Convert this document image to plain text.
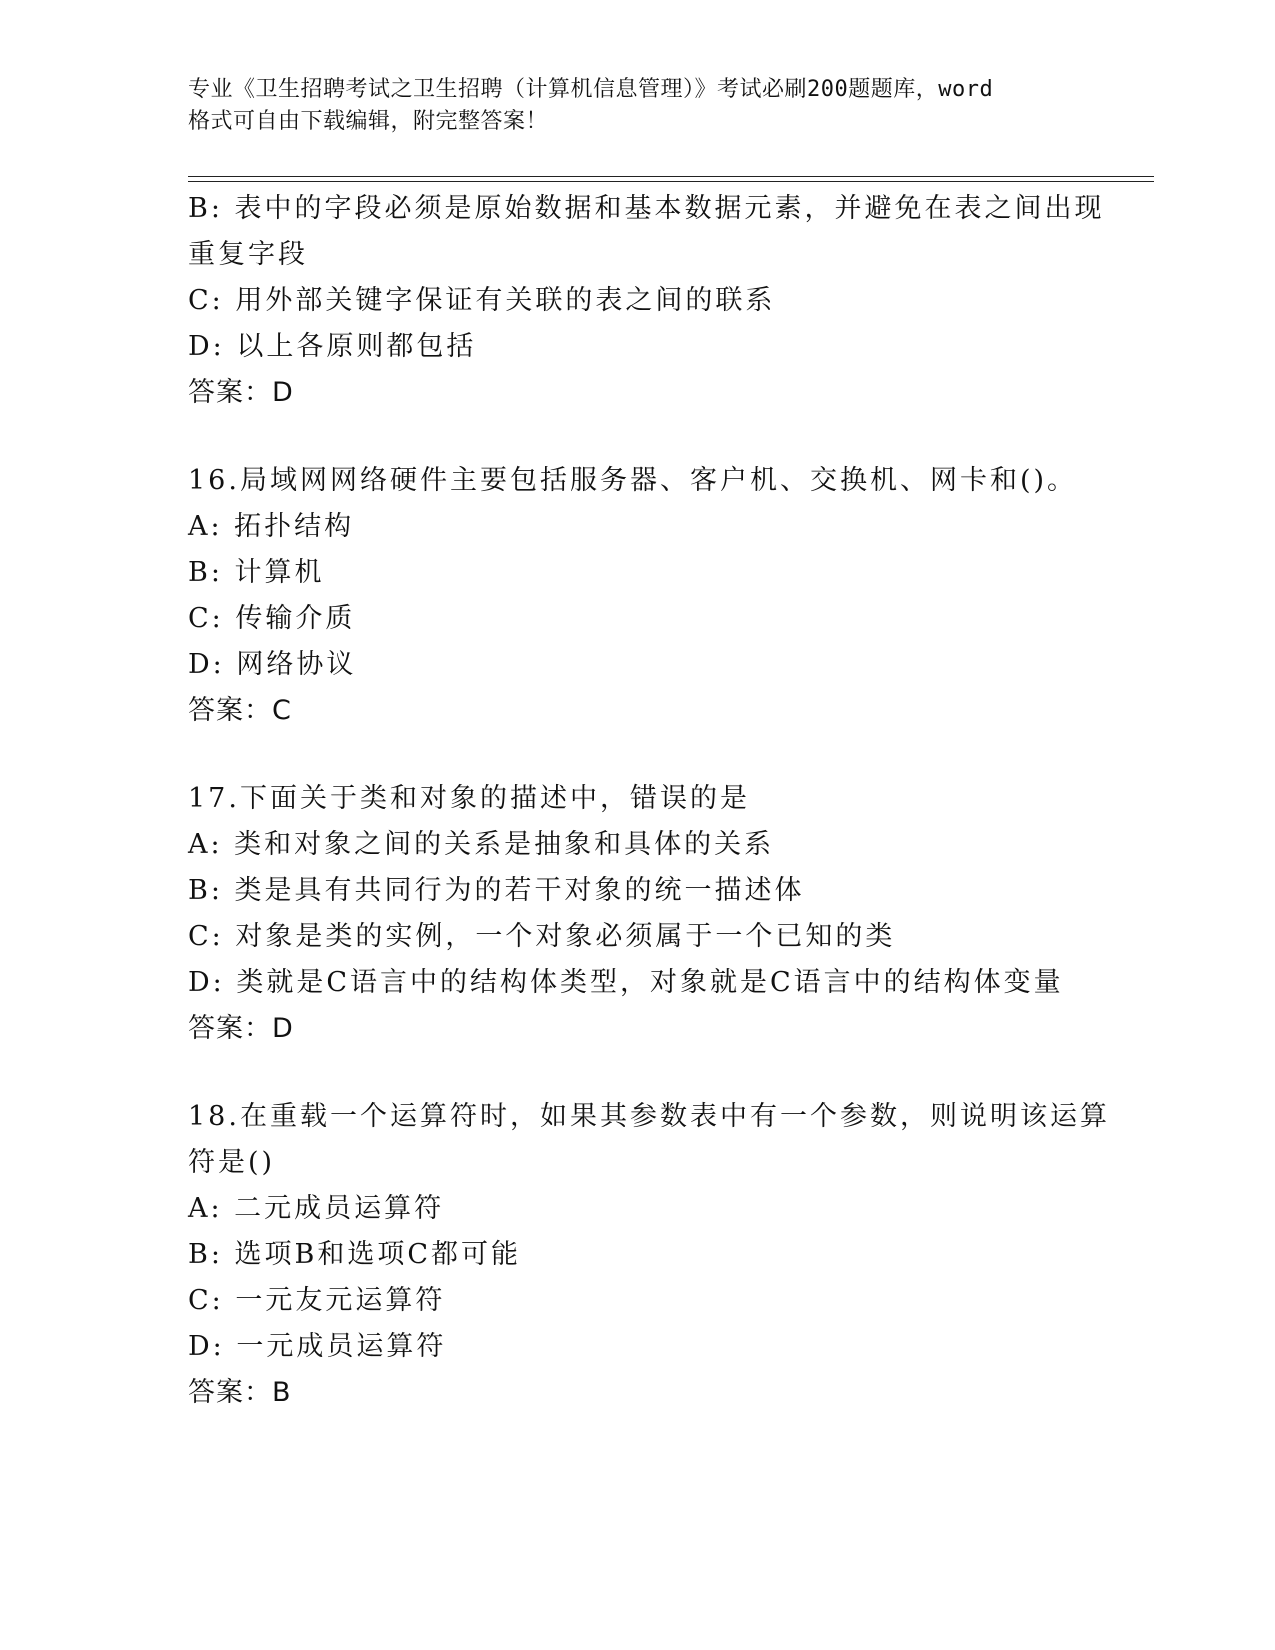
专业《卫生招聘考试之卫生招聘（计算机信息管理）》考试必刷200题题库，word
格式可自由下载编辑，附完整答案！
B: 表中的字段必须是原始数据和基本数据元素，并避免在表之间出现
重复字段
C: 用外部关键字保证有关联的表之间的联系
D: 以上各原则都包括
答案：D
16.局域网网络硬件主要包括服务器、客户机、交换机、网卡和()。
A: 拓扑结构
B: 计算机
C: 传输介质
D: 网络协议
答案：C
17.下面关于类和对象的描述中，错误的是
A: 类和对象之间的关系是抽象和具体的关系
B: 类是具有共同行为的若干对象的统一描述体
C: 对象是类的实例，一个对象必须属于一个已知的类
D: 类就是C语言中的结构体类型，对象就是C语言中的结构体变量
答案：D
18.在重载一个运算符时，如果其参数表中有一个参数，则说明该运算
符是()
A: 二元成员运算符
B: 选项B和选项C都可能
C: 一元友元运算符
D: 一元成员运算符
答案：B
